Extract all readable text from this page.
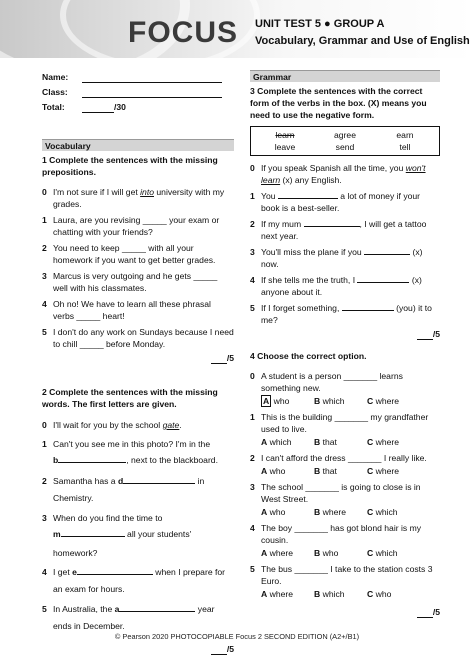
FOCUS UNIT TEST 5 ● GROUP A
Vocabulary, Grammar and Use of English
Name:
Class:
Total:	/30
Vocabulary
1 Complete the sentences with the missing prepositions.
0 I'm not sure if I will get into university with my grades.
1 Laura, are you revising _____ your exam or chatting with your friends?
2 You need to keep _____ with all your homework if you want to get better grades.
3 Marcus is very outgoing and he gets _____ well with his classmates.
4 Oh no! We have to learn all these phrasal verbs _____ heart!
5 I don't do any work on Sundays because I need to chill _____ before Monday.
/5
2 Complete the sentences with the missing words. The first letters are given.
0 I'll wait for you by the school gate.
1 Can't you see me in this photo? I'm in the
b	, next to the blackboard.
2 Samantha has a d	in
Chemistry.
3 When do you find the time to
m	all your students'
homework?
4 I get e	when I prepare for
an exam for hours.
5 In Australia, the a	year
ends in December.
/5
Grammar
3 Complete the sentences with the correct form of the verbs in the box. (X) means you need to use the negative form.
learn	agree	earn
leave	send	tell
0 If you speak Spanish all the time, you won't learn (x) any English.
1 You	a lot of money if your book is a best-seller.
2 If my mum	, I will get a tattoo next year.
3 You'll miss the plane if you	(x) now.
4 If she tells me the truth, I	(x) anyone about it.
5 If I forget something,	(you) it to me?
/5
4 Choose the correct option.
0 A student is a person _______ learns something new.
A who	B which	C where
1 This is the building _______ my grandfather used to live.
A which	B that	C where
2 I can't afford the dress _______ I really like.
A who	B that	C where
3 The school _______ is going to close is in West Street.
A who	B where	C which
4 The boy _______ has got blond hair is my cousin.
A where	B who	C which
5 The bus _______ I take to the station costs 3 Euro.
A where	B which	C who
/5
© Pearson 2020 PHOTOCOPIABLE Focus 2 SECOND EDITION (A2+/B1)
